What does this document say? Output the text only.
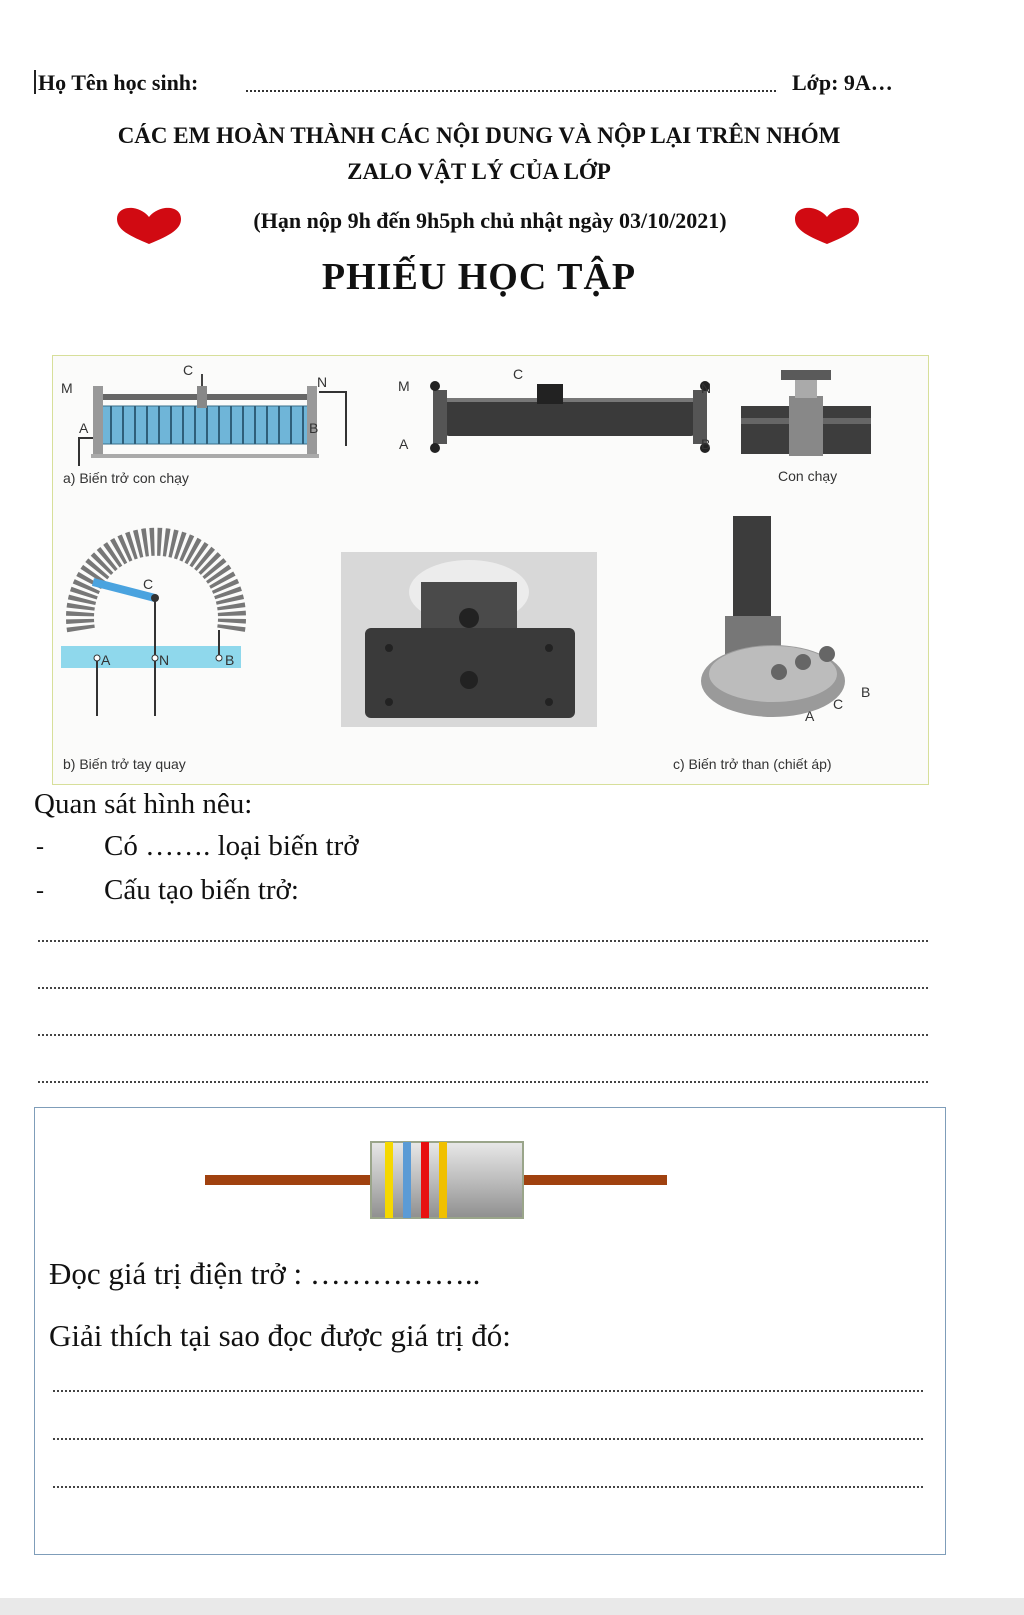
Họ Tên học sinh:	Lớp: 9A…
CÁC EM HOÀN THÀNH CÁC NỘI DUNG VÀ NỘP LẠI TRÊN NHÓM
ZALO VẬT LÝ CỦA LỚP
(Hạn nộp 9h đến 9h5ph chủ nhật ngày 03/10/2021)
PHIẾU HỌC TẬP
C
M	N
A	B
a) Biến trở con chạy
C
M	N
A	B
Con chạy
C
A	N	B
b) Biến trở tay quay
B
C
A
c) Biến trở than (chiết áp)
Quan sát hình nêu:
- Có ……. loại biến trở
- Cấu tạo biến trở:
Đọc giá trị điện trở : ……………..
Giải thích tại sao đọc được giá trị đó:
